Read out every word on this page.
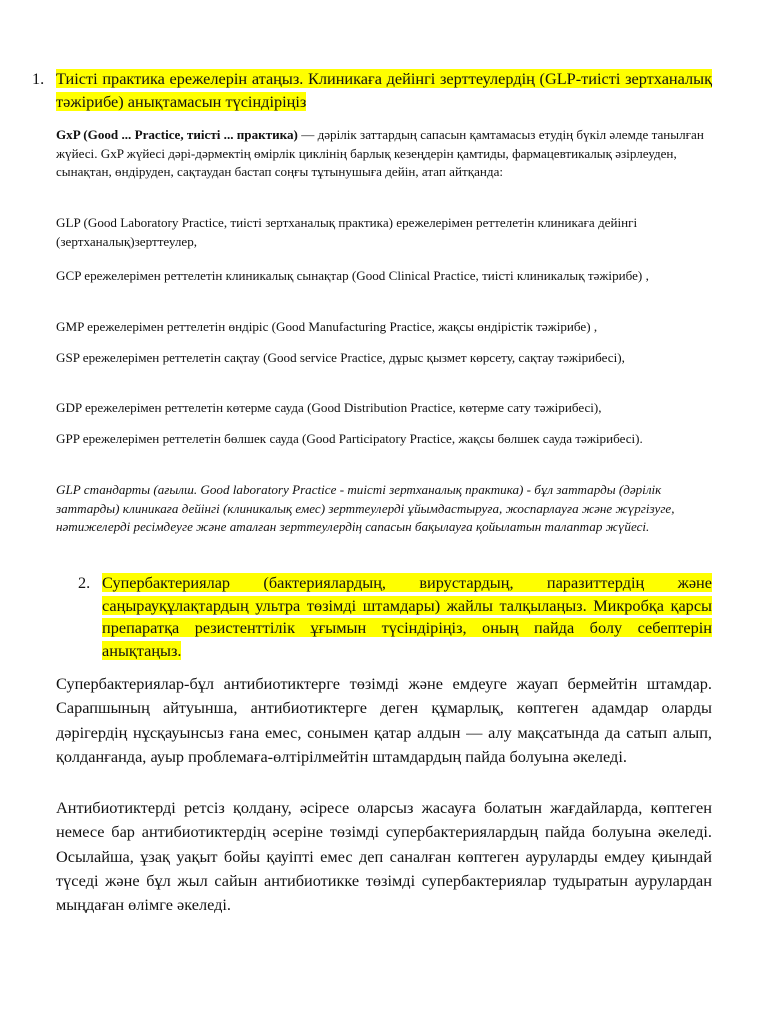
1. Тиісті практика ережелерін атаңыз. Клиникаға дейінгі зерттеулердің (GLP-тиісті зертханалық тәжірибе) анықтамасын түсіндіріңіз
GxP (Good ... Practice, тиісті ... практика) — дәрілік заттардың сапасын қамтамасыз етудің бүкіл әлемде танылған жүйесі. GxP жүйесі дәрі-дәрмектің өмірлік циклінің барлық кезеңдерін қамтиды, фармацевтикалық әзірлеуден, сынақтан, өндіруден, сақтаудан бастап соңғы тұтынушыға дейін, атап айтқанда:
GLP (Good Laboratory Practice, тиісті зертханалық практика) ережелерімен реттелетін клиникаға дейінгі (зертханалық)зерттеулер,
GCP ережелерімен реттелетін клиникалық сынақтар (Good Clinical Practice, тиісті клиникалық тәжірибе) ,
GMP ережелерімен реттелетін өндіріс (Good Manufacturing Practice, жақсы өндірістік тәжірибе) ,
GSP ережелерімен реттелетін сақтау (Good service Practice, дұрыс қызмет көрсету, сақтау тәжірибесі),
GDP ережелерімен реттелетін көтерме сауда (Good Distribution Practice, көтерме сату тәжірибесі),
GPP ережелерімен реттелетін бөлшек сауда (Good Participatory Practice, жақсы бөлшек сауда тәжірибесі).
GLP стандарты (ағылш. Good laboratory Practice - тиісті зертханалық практика) - бұл заттарды (дәрілік заттарды) клиникаға дейінгі (клиникалық емес) зерттеулерді ұйымдастыруға, жоспарлауға және жүргізуге, нәтижелерді ресімдеуге және аталған зерттеулердің сапасын бақылауға қойылатын талаптар жүйесі.
2. Супербактериялар (бактериялардың, вирустардың, паразиттердің және саңырауқұлақтардың ультра төзімді штамдары) жайлы талқылаңыз. Микробқа қарсы препаратқа резистенттілік ұғымын түсіндіріңіз, оның пайда болу себептерін анықтаңыз.
Супербактериялар-бұл антибиотиктерге төзімді және емдеуге жауап бермейтін штамдар. Сарапшының айтуынша, антибиотиктерге деген құмарлық, көптеген адамдар оларды дәрігердің нұсқауынсыз ғана емес, сонымен қатар алдын — алу мақсатында да сатып алып, қолданғанда, ауыр проблемаға-өлтірілмейтін штамдардың пайда болуына әкеледі.
Антибиотиктерді ретсіз қолдану, әсіресе оларсыз жасауға болатын жағдайларда, көптеген немесе бар антибиотиктердің әсеріне төзімді супербактериялардың пайда болуына әкеледі. Осылайша, ұзақ уақыт бойы қауіпті емес деп саналған көптеген ауруларды емдеу қиындай түседі және бұл жыл сайын антибиотикке төзімді супербактериялар тудыратын аурулардан мыңдаған өлімге әкеледі.
